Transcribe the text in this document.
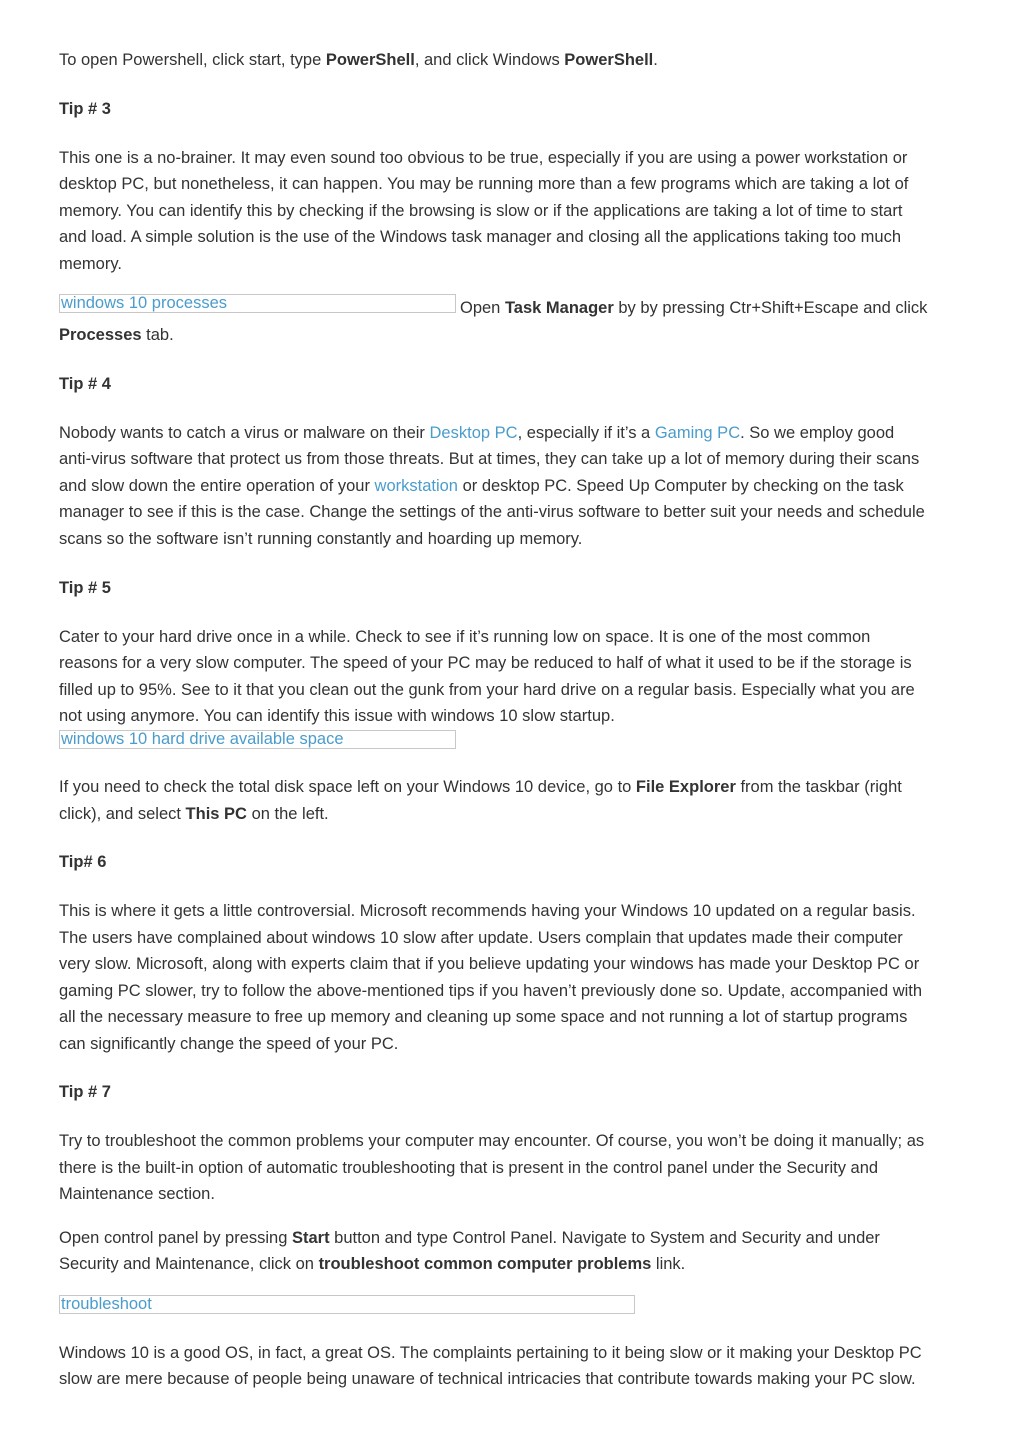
To open Powershell, click start, type PowerShell, and click Windows PowerShell.
Tip # 3
This one is a no-brainer. It may even sound too obvious to be true, especially if you are using a power workstation or
desktop PC, but nonetheless, it can happen. You may be running more than a few programs which are taking a lot of
memory. You can identify this by checking if the browsing is slow or if the applications are taking a lot of time to start
and load. A simple solution is the use of the Windows task manager and closing all the applications taking too much
memory.
windows 10 processes	Open Task Manager by by pressing Ctr+Shift+Escape and click
Processes tab.
Tip # 4
Nobody wants to catch a virus or malware on their Desktop PC, especially if it’s a Gaming PC. So we employ good
anti-virus software that protect us from those threats. But at times, they can take up a lot of memory during their scans
and slow down the entire operation of your workstation or desktop PC. Speed Up Computer by checking on the task
manager to see if this is the case. Change the settings of the anti-virus software to better suit your needs and schedule
scans so the software isn’t running constantly and hoarding up memory.
Tip # 5
Cater to your hard drive once in a while. Check to see if it’s running low on space. It is one of the most common
reasons for a very slow computer. The speed of your PC may be reduced to half of what it used to be if the storage is
filled up to 95%. See to it that you clean out the gunk from your hard drive on a regular basis. Especially what you are
not using anymore. You can identify this issue with windows 10 slow startup.
windows 10 hard drive available space
If you need to check the total disk space left on your Windows 10 device, go to File Explorer from the taskbar (right
click), and select This PC on the left.
Tip# 6
This is where it gets a little controversial. Microsoft recommends having your Windows 10 updated on a regular basis.
The users have complained about windows 10 slow after update. Users complain that updates made their computer
very slow. Microsoft, along with experts claim that if you believe updating your windows has made your Desktop PC or
gaming PC slower, try to follow the above-mentioned tips if you haven’t previously done so. Update, accompanied with
all the necessary measure to free up memory and cleaning up some space and not running a lot of startup programs
can significantly change the speed of your PC.
Tip # 7
Try to troubleshoot the common problems your computer may encounter. Of course, you won’t be doing it manually; as
there is the built-in option of automatic troubleshooting that is present in the control panel under the Security and
Maintenance section.
Open control panel by pressing Start button and type Control Panel. Navigate to System and Security and under
Security and Maintenance, click on troubleshoot common computer problems link.
troubleshoot
Windows 10 is a good OS, in fact, a great OS. The complaints pertaining to it being slow or it making your Desktop PC
slow are mere because of people being unaware of technical intricacies that contribute towards making your PC slow.
